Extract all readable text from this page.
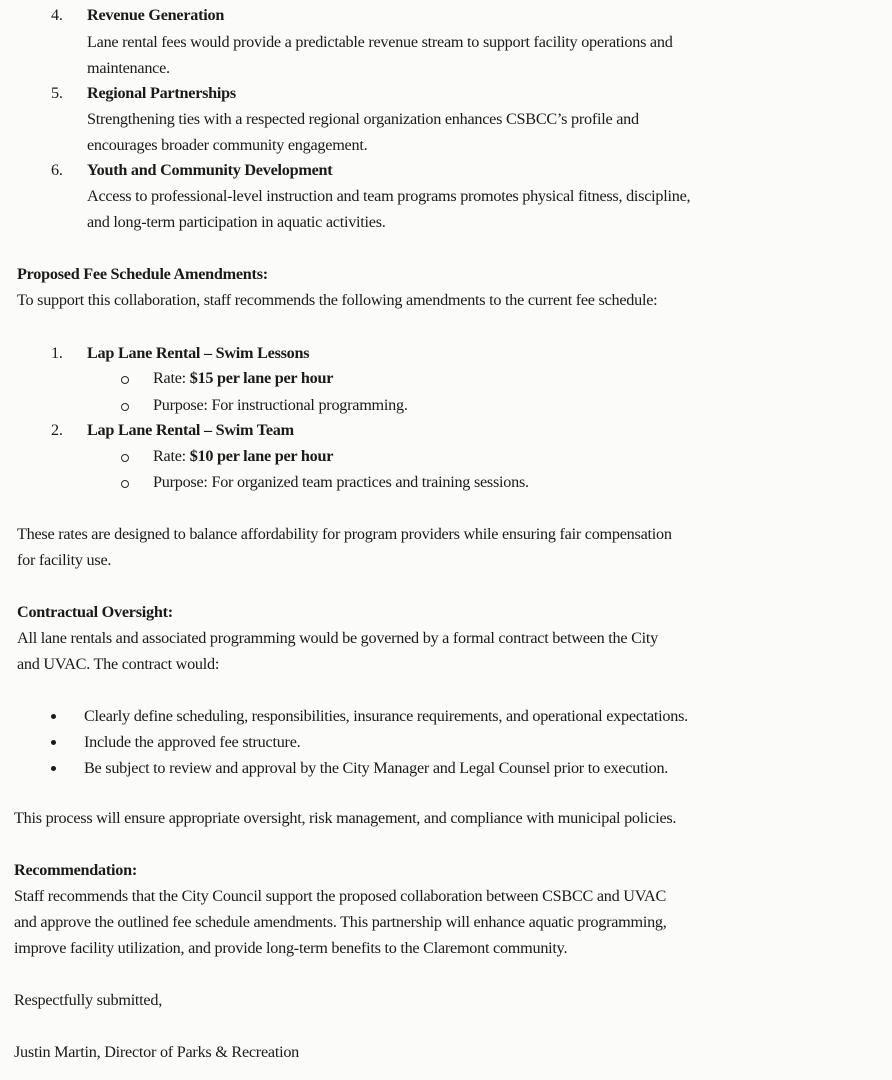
4. Revenue Generation
Lane rental fees would provide a predictable revenue stream to support facility operations and
maintenance.
5. Regional Partnerships
Strengthening ties with a respected regional organization enhances CSBCC’s profile and
encourages broader community engagement.
6. Youth and Community Development
Access to professional-level instruction and team programs promotes physical fitness, discipline,
and long-term participation in aquatic activities.
Proposed Fee Schedule Amendments:
To support this collaboration, staff recommends the following amendments to the current fee schedule:
1. Lap Lane Rental – Swim Lessons
Rate: $15 per lane per hour
Purpose: For instructional programming.
2. Lap Lane Rental – Swim Team
Rate: $10 per lane per hour
Purpose: For organized team practices and training sessions.
These rates are designed to balance affordability for program providers while ensuring fair compensation
for facility use.
Contractual Oversight:
All lane rentals and associated programming would be governed by a formal contract between the City
and UVAC. The contract would:
Clearly define scheduling, responsibilities, insurance requirements, and operational expectations.
Include the approved fee structure.
Be subject to review and approval by the City Manager and Legal Counsel prior to execution.
This process will ensure appropriate oversight, risk management, and compliance with municipal policies.
Recommendation:
Staff recommends that the City Council support the proposed collaboration between CSBCC and UVAC
and approve the outlined fee schedule amendments. This partnership will enhance aquatic programming,
improve facility utilization, and provide long-term benefits to the Claremont community.
Respectfully submitted,
Justin Martin, Director of Parks & Recreation
